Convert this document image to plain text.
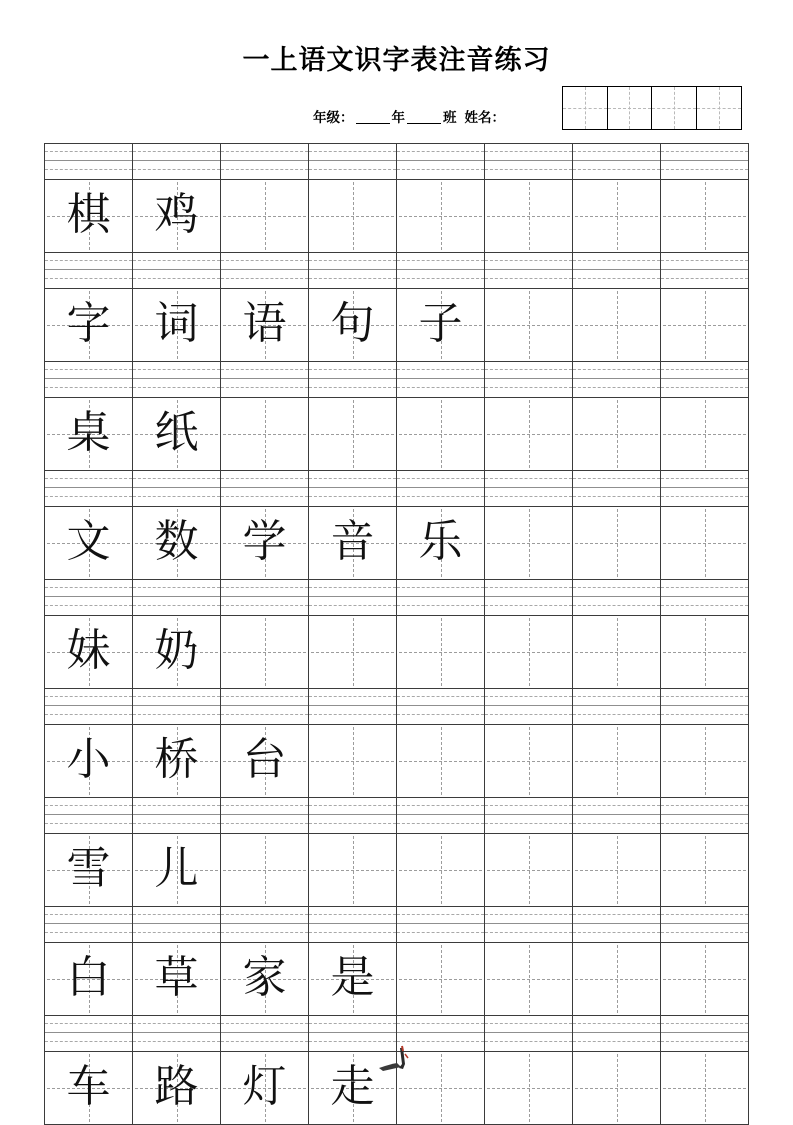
一上语文识字表注音练习
年级：	年	班 姓名：
棋	鸡
字	词	语	句	子
桌	纸
文	数	学	音	乐
妹	奶
小	桥	台
雪	儿
白	草	家	是
车	路	灯	走
